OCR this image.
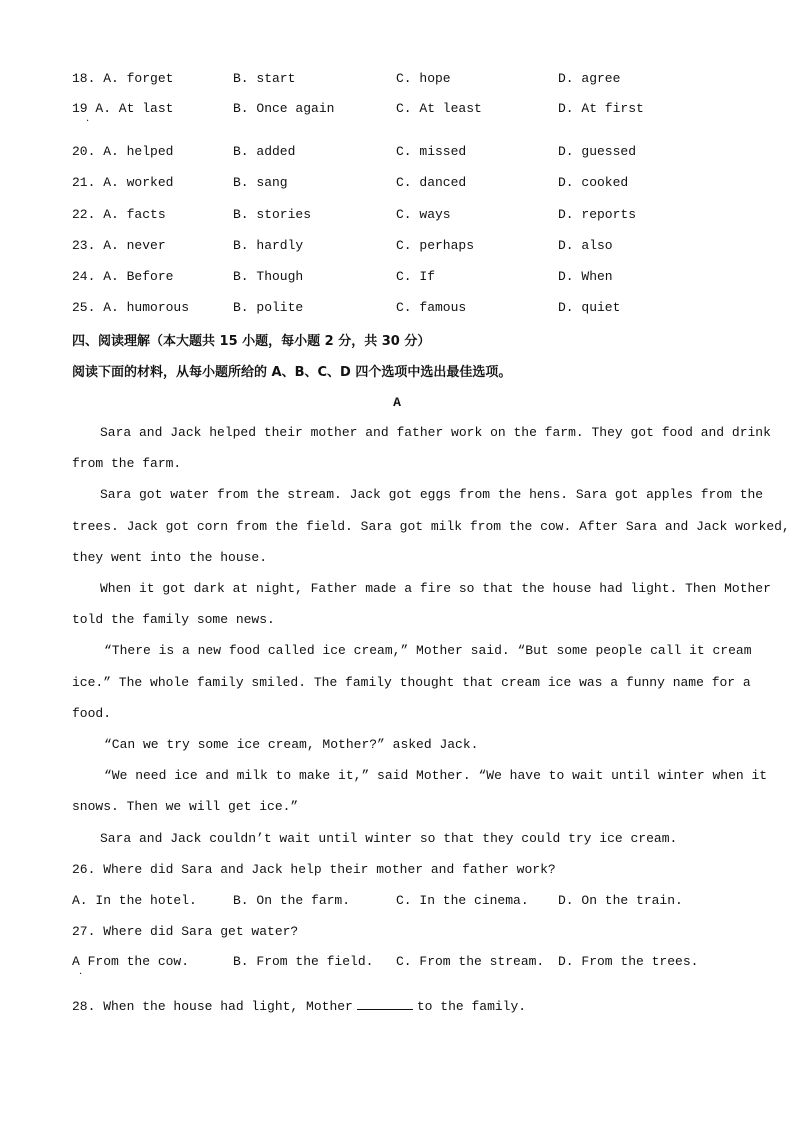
18. A. forget	B. start	C. hope	D. agree
19 A. At last	B. Once again	C. At least	D. At first
·
20. A. helped	B. added	C. missed	D. guessed
21. A. worked	B. sang	C. danced	D. cooked
22. A. facts	B. stories	C. ways	D. reports
23. A. never	B. hardly	C. perhaps	D. also
24. A. Before	B. Though	C. If	D. When
25. A. humorous	B. polite	C. famous	D. quiet
四、阅读理解（本大题共 15 小题，每小题 2 分，共 30 分）
阅读下面的材料，从每小题所给的 A、B、C、D 四个选项中选出最佳选项。
A
Sara and Jack helped their mother and father work on the farm. They got food and drink
from the farm.
Sara got water from the stream. Jack got eggs from the hens. Sara got apples from the
trees. Jack got corn from the field. Sara got milk from the cow. After Sara and Jack worked,
they went into the house.
When it got dark at night, Father made a fire so that the house had light. Then Mother
told the family some news.
“There is a new food called ice cream,” Mother said. “But some people call it cream
ice.” The whole family smiled. The family thought that cream ice was a funny name for a
food.
“Can we try some ice cream, Mother?” asked Jack.
“We need ice and milk to make it,” said Mother. “We have to wait until winter when it
snows. Then we will get ice.”
Sara and Jack couldn’t wait until winter so that they could try ice cream.
26. Where did Sara and Jack help their mother and father work?
A. In the hotel.	B. On the farm.	C. In the cinema. D. On the train.
27. Where did Sara get water?
A From the cow.	B. From the field. C. From the stream. D. From the trees.
·
28. When the house had light, Mother	to the family.
